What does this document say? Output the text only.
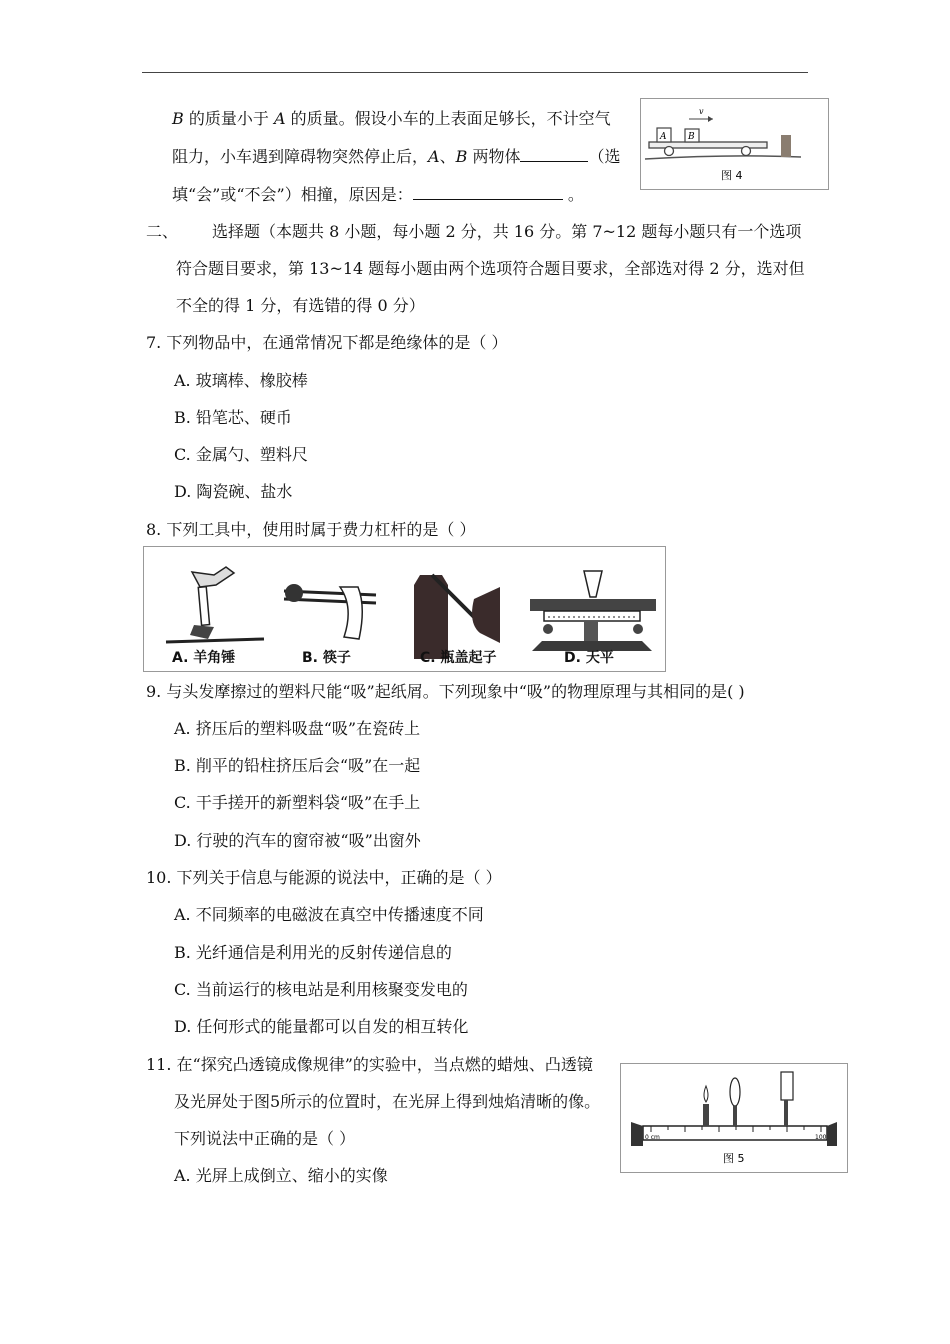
B 的质量小于 A 的质量。假设小车的上表面足够长，不计空气
阻力，小车遇到障碍物突然停止后，A、B 两物体	（选
填“会”或“不会”）相撞，原因是：	。
A B
v
图 4
二、 选择题（本题共 8 小题，每小题 2 分，共 16 分。第 7~12 题每小题只有一个选项
符合题目要求，第 13~14 题每小题由两个选项符合题目要求，全部选对得 2 分，选对但
不全的得 1 分，有选错的得 0 分）
7. 下列物品中，在通常情况下都是绝缘体的是（ ）
A. 玻璃棒、橡胶棒
B. 铅笔芯、硬币
C. 金属勺、塑料尺
D. 陶瓷碗、盐水
8. 下列工具中，使用时属于费力杠杆的是（ ）
A. 羊角锤	B. 筷子	C. 瓶盖起子	D. 天平
9. 与头发摩擦过的塑料尺能“吸”起纸屑。下列现象中“吸”的物理原理与其相同的是( )
A. 挤压后的塑料吸盘“吸”在瓷砖上
B. 削平的铅柱挤压后会“吸”在一起
C. 干手搓开的新塑料袋“吸”在手上
D. 行驶的汽车的窗帘被“吸”出窗外
10. 下列关于信息与能源的说法中，正确的是（ ）
A. 不同频率的电磁波在真空中传播速度不同
B. 光纤通信是利用光的反射传递信息的
C. 当前运行的核电站是利用核聚变发电的
D. 任何形式的能量都可以自发的相互转化
11. 在“探究凸透镜成像规律”的实验中，当点燃的蜡烛、凸透镜
及光屏处于图5所示的位置时，在光屏上得到烛焰清晰的像。
下列说法中正确的是（ ）
A. 光屏上成倒立、缩小的实像
0 cm	100
图 5
